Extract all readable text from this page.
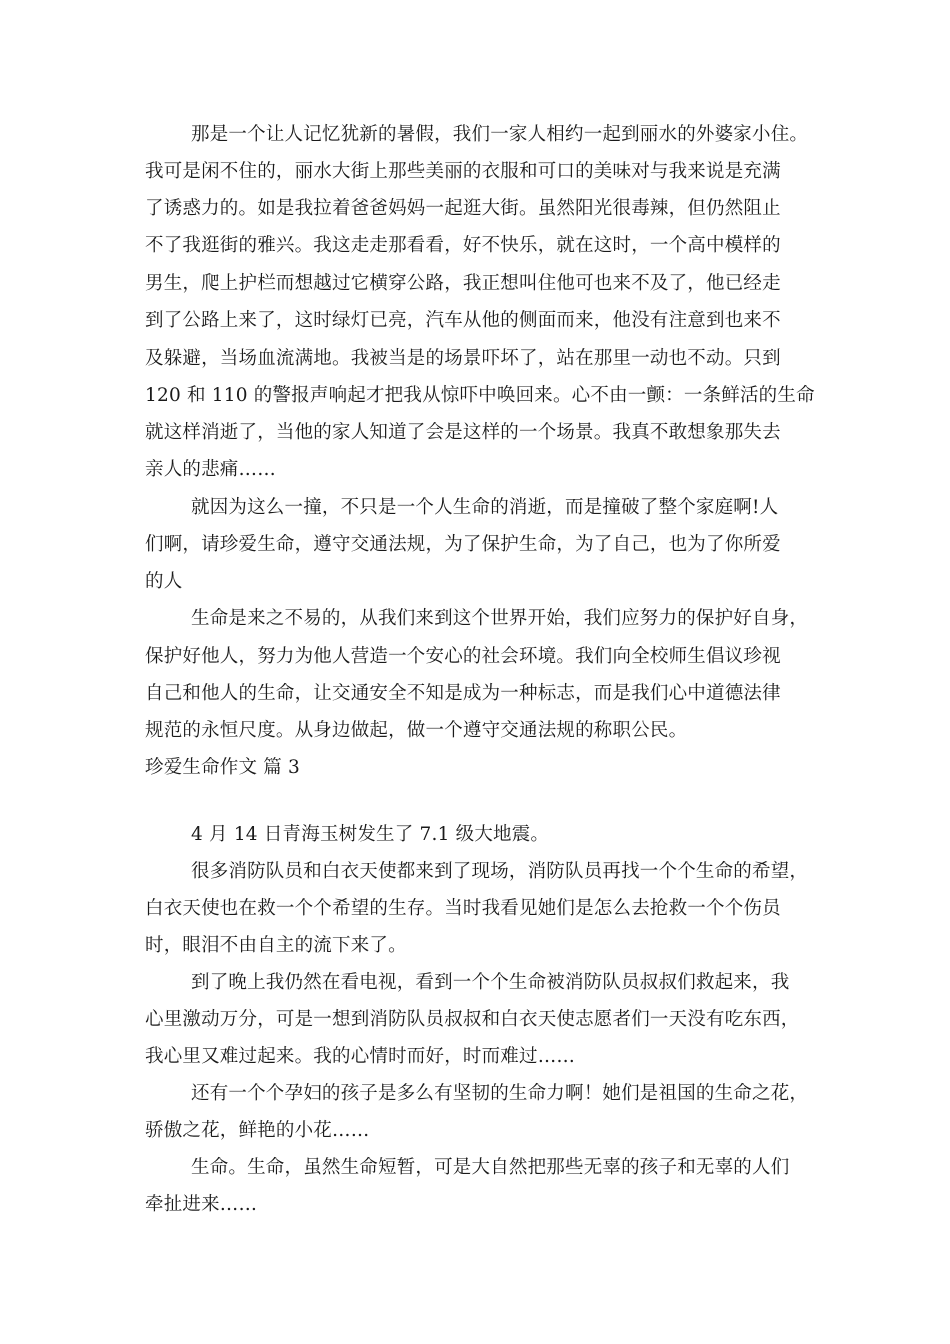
那是一个让人记忆犹新的暑假，我们一家人相约一起到丽水的外婆家小住。
我可是闲不住的，丽水大街上那些美丽的衣服和可口的美味对与我来说是充满
了诱惑力的。如是我拉着爸爸妈妈一起逛大街。虽然阳光很毒辣，但仍然阻止
不了我逛街的雅兴。我这走走那看看，好不快乐，就在这时，一个高中模样的
男生，爬上护栏而想越过它横穿公路，我正想叫住他可也来不及了，他已经走
到了公路上来了，这时绿灯已亮，汽车从他的侧面而来，他没有注意到也来不
及躲避，当场血流满地。我被当是的场景吓坏了，站在那里一动也不动。只到
120 和 110 的警报声响起才把我从惊吓中唤回来。心不由一颤：一条鲜活的生命
就这样消逝了，当他的家人知道了会是这样的一个场景。我真不敢想象那失去
亲人的悲痛……
就因为这么一撞，不只是一个人生命的消逝，而是撞破了整个家庭啊!人
们啊，请珍爱生命，遵守交通法规，为了保护生命，为了自己，也为了你所爱
的人
生命是来之不易的，从我们来到这个世界开始，我们应努力的保护好自身，
保护好他人，努力为他人营造一个安心的社会环境。我们向全校师生倡议珍视
自己和他人的生命，让交通安全不知是成为一种标志，而是我们心中道德法律
规范的永恒尺度。从身边做起，做一个遵守交通法规的称职公民。
珍爱生命作文 篇 3
4 月 14 日青海玉树发生了 7.1 级大地震。
很多消防队员和白衣天使都来到了现场，消防队员再找一个个生命的希望，
白衣天使也在救一个个希望的生存。当时我看见她们是怎么去抢救一个个伤员
时，眼泪不由自主的流下来了。
到了晚上我仍然在看电视，看到一个个生命被消防队员叔叔们救起来，我
心里激动万分，可是一想到消防队员叔叔和白衣天使志愿者们一天没有吃东西，
我心里又难过起来。我的心情时而好，时而难过……
还有一个个孕妇的孩子是多么有坚韧的生命力啊！她们是祖国的生命之花，
骄傲之花，鲜艳的小花……
生命。生命，虽然生命短暂，可是大自然把那些无辜的孩子和无辜的人们
牵扯进来……
